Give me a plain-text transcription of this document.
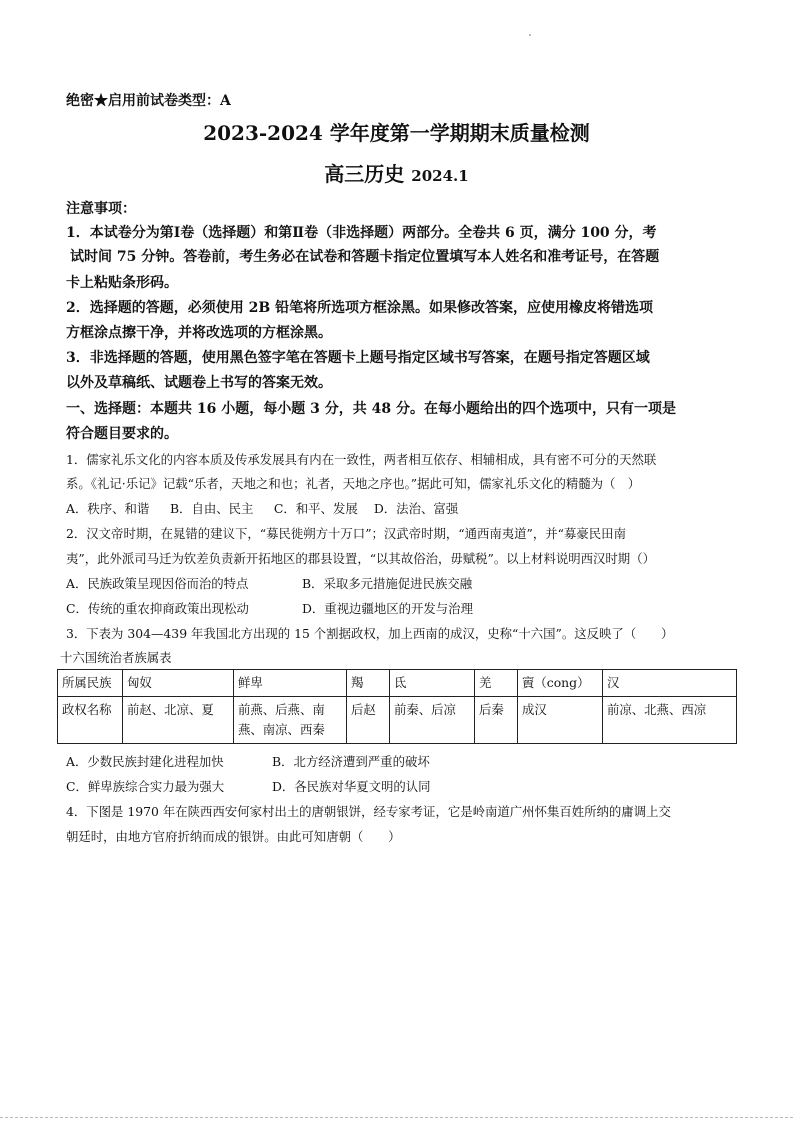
绝密★启用前试卷类型：A
2023-2024 学年度第一学期期末质量检测
高三历史 2024.1
注意事项：
1．本试卷分为第Ⅰ卷（选择题）和第Ⅱ卷（非选择题）两部分。全卷共 6 页，满分 100 分，考
试时间 75 分钟。答卷前，考生务必在试卷和答题卡指定位置填写本人姓名和准考证号，在答题
卡上粘贴条形码。
2．选择题的答题，必须使用 2B 铅笔将所选项方框涂黑。如果修改答案，应使用橡皮将错选项
方框涂点擦干净，并将改选项的方框涂黑。
3．非选择题的答题，使用黑色签字笔在答题卡上题号指定区域书写答案，在题号指定答题区域
以外及草稿纸、试题卷上书写的答案无效。
一、选择题：本题共 16 小题，每小题 3 分，共 48 分。在每小题给出的四个选项中，只有一项是
符合题目要求的。
1．儒家礼乐文化的内容本质及传承发展具有内在一致性，两者相互依存、相辅相成，具有密不可分的天然联
系。《礼记·乐记》记载“乐者，天地之和也；礼者，天地之序也。”据此可知，儒家礼乐文化的精髓为（　）
A．秩序、和谐 B．自由、民主 C．和平、发展 D．法治、富强
2．汉文帝时期，在晁错的建议下，“募民徙朔方十万口”；汉武帝时期，“通西南夷道”，并“募豪民田南
夷”，此外派司马迁为钦差负责新开拓地区的郡县设置，“以其故俗治，毋赋税”。以上材料说明西汉时期（）
A．民族政策呈现因俗而治的特点	B．采取多元措施促进民族交融
C．传统的重农抑商政策出现松动	D．重视边疆地区的开发与治理
3．下表为 304—439 年我国北方出现的 15 个割据政权，加上西南的成汉，史称“十六国”。这反映了（　　）
十六国统治者族属表
所属民族	匈奴	鲜卑	羯	氐	羌	賨（cong）	汉
政权名称	前赵、北凉、夏	前燕、后燕、南
燕、南凉、西秦	后赵	前秦、后凉	后秦	成汉	前凉、北燕、西凉
A．少数民族封建化进程加快	B．北方经济遭到严重的破坏
C．鲜卑族综合实力最为强大	D．各民族对华夏文明的认同
4．下图是 1970 年在陕西西安何家村出土的唐朝银饼，经专家考证，它是岭南道广州怀集百姓所纳的庸调上交
朝廷时，由地方官府折纳而成的银饼。由此可知唐朝（　　）
